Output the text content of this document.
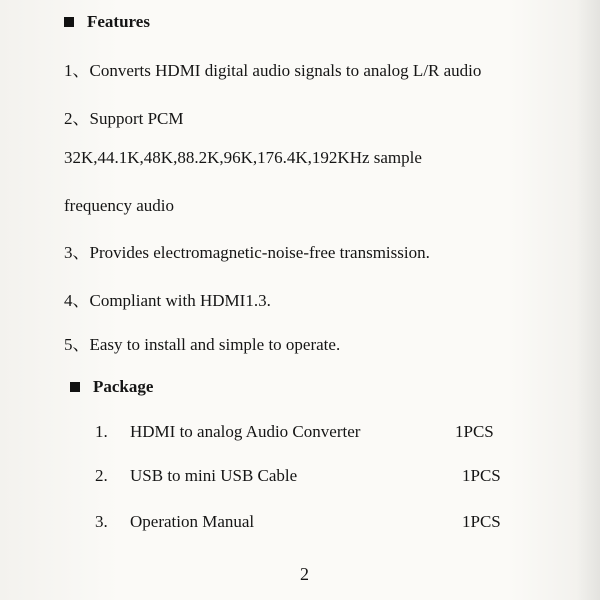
Features
1、Converts HDMI digital audio signals to analog L/R audio
2、Support PCM
32K,44.1K,48K,88.2K,96K,176.4K,192KHz sample
frequency audio
3、Provides electromagnetic-noise-free transmission.
4、Compliant with HDMI1.3.
5、Easy to install and simple to operate.
Package
1. HDMI to analog Audio Converter	1PCS
2. USB to mini USB Cable	1PCS
3. Operation Manual	1PCS
2
